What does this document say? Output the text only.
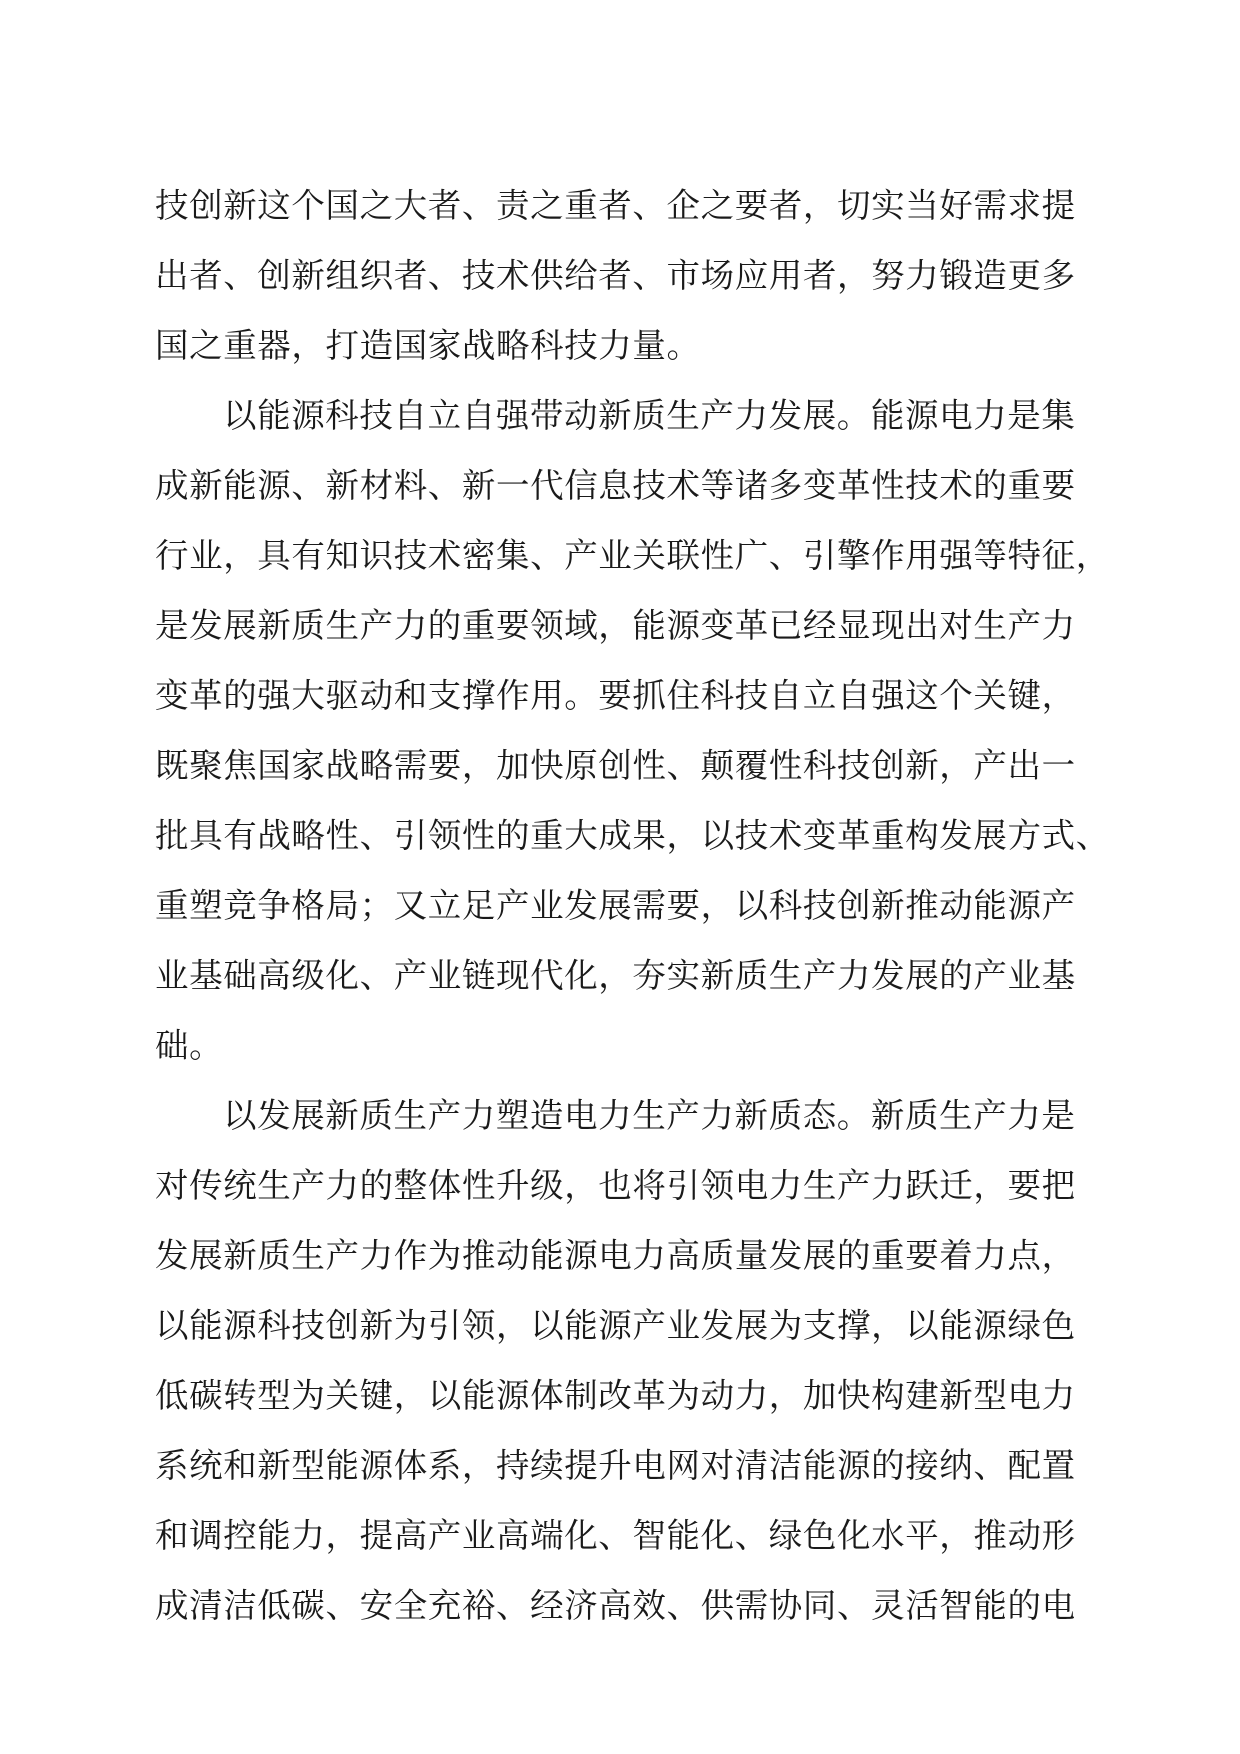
技创新这个国之大者、责之重者、企之要者，切实当好需求提
出者、创新组织者、技术供给者、市场应用者，努力锻造更多
国之重器，打造国家战略科技力量。
以能源科技自立自强带动新质生产力发展。能源电力是集
成新能源、新材料、新一代信息技术等诸多变革性技术的重要
行业，具有知识技术密集、产业关联性广、引擎作用强等特征，
是发展新质生产力的重要领域，能源变革已经显现出对生产力
变革的强大驱动和支撑作用。要抓住科技自立自强这个关键，
既聚焦国家战略需要，加快原创性、颠覆性科技创新，产出一
批具有战略性、引领性的重大成果，以技术变革重构发展方式、
重塑竞争格局；又立足产业发展需要，以科技创新推动能源产
业基础高级化、产业链现代化，夯实新质生产力发展的产业基
础。
以发展新质生产力塑造电力生产力新质态。新质生产力是
对传统生产力的整体性升级，也将引领电力生产力跃迁，要把
发展新质生产力作为推动能源电力高质量发展的重要着力点，
以能源科技创新为引领，以能源产业发展为支撑，以能源绿色
低碳转型为关键，以能源体制改革为动力，加快构建新型电力
系统和新型能源体系，持续提升电网对清洁能源的接纳、配置
和调控能力，提高产业高端化、智能化、绿色化水平，推动形
成清洁低碳、安全充裕、经济高效、供需协同、灵活智能的电
